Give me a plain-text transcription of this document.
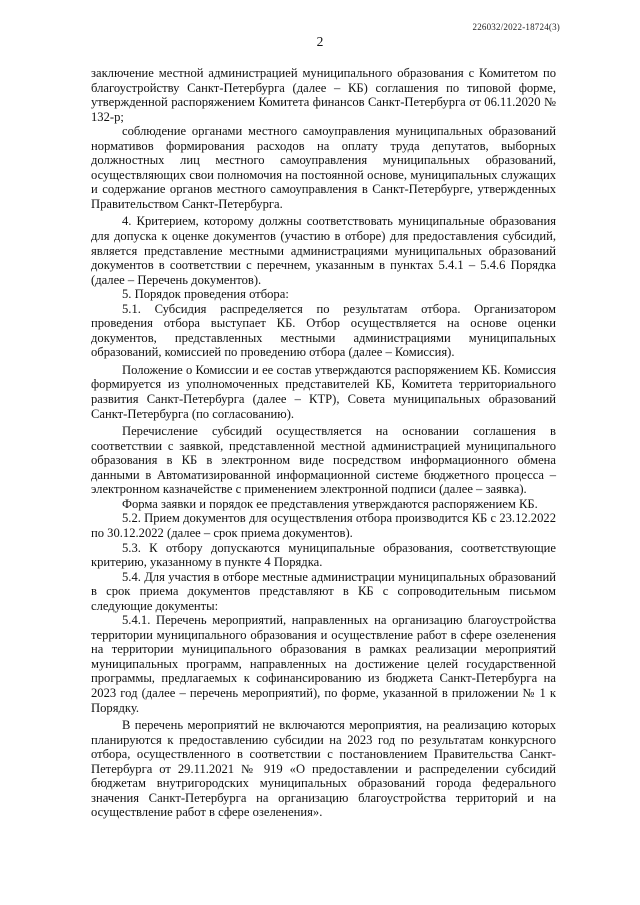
226032/2022-18724(3)
2

заключение местной администрацией муниципального образования с Комитетом по благоустройству Санкт-Петербурга (далее – КБ) соглашения по типовой форме, утвержденной распоряжением Комитета финансов Санкт-Петербурга от 06.11.2020 № 132-р;

соблюдение органами местного самоуправления муниципальных образований нормативов формирования расходов на оплату труда депутатов, выборных должностных лиц местного самоуправления муниципальных образований, осуществляющих свои полномочия на постоянной основе, муниципальных служащих и содержание органов местного самоуправления в Санкт-Петербурге, утвержденных Правительством Санкт-Петербурга.

4. Критерием, которому должны соответствовать муниципальные образования для допуска к оценке документов (участию в отборе) для предоставления субсидий, является представление местными администрациями муниципальных образований документов в соответствии с перечнем, указанным в пунктах 5.4.1 – 5.4.6 Порядка (далее – Перечень документов).

5. Порядок проведения отбора:

5.1. Субсидия распределяется по результатам отбора. Организатором проведения отбора выступает КБ. Отбор осуществляется на основе оценки документов, представленных местными администрациями муниципальных образований, комиссией по проведению отбора (далее – Комиссия).

Положение о Комиссии и ее состав утверждаются распоряжением КБ. Комиссия формируется из уполномоченных представителей КБ, Комитета территориального развития Санкт-Петербурга (далее – КТР), Совета муниципальных образований Санкт-Петербурга (по согласованию).

Перечисление субсидий осуществляется на основании соглашения в соответствии с заявкой, представленной местной администрацией муниципального образования в КБ в электронном виде посредством информационного обмена данными в Автоматизированной информационной системе бюджетного процесса – электронном казначействе с применением электронной подписи (далее – заявка).

Форма заявки и порядок ее представления утверждаются распоряжением КБ.

5.2. Прием документов для осуществления отбора производится КБ с 23.12.2022 по 30.12.2022 (далее – срок приема документов).

5.3. К отбору допускаются муниципальные образования, соответствующие критерию, указанному в пункте 4 Порядка.

5.4. Для участия в отборе местные администрации муниципальных образований в срок приема документов представляют в КБ с сопроводительным письмом следующие документы:

5.4.1. Перечень мероприятий, направленных на организацию благоустройства территории муниципального образования и осуществление работ в сфере озеленения на территории муниципального образования в рамках реализации мероприятий муниципальных программ, направленных на достижение целей государственной программы, предлагаемых к софинансированию из бюджета Санкт-Петербурга на 2023 год (далее – перечень мероприятий), по форме, указанной в приложении № 1 к Порядку.

В перечень мероприятий не включаются мероприятия, на реализацию которых планируются к предоставлению субсидии на 2023 год по результатам конкурсного отбора, осуществленного в соответствии с постановлением Правительства Санкт-Петербурга от 29.11.2021 № 919 «О предоставлении и распределении субсидий бюджетам внутригородских муниципальных образований города федерального значения Санкт-Петербурга на организацию благоустройства территорий и на осуществление работ в сфере озеленения».
